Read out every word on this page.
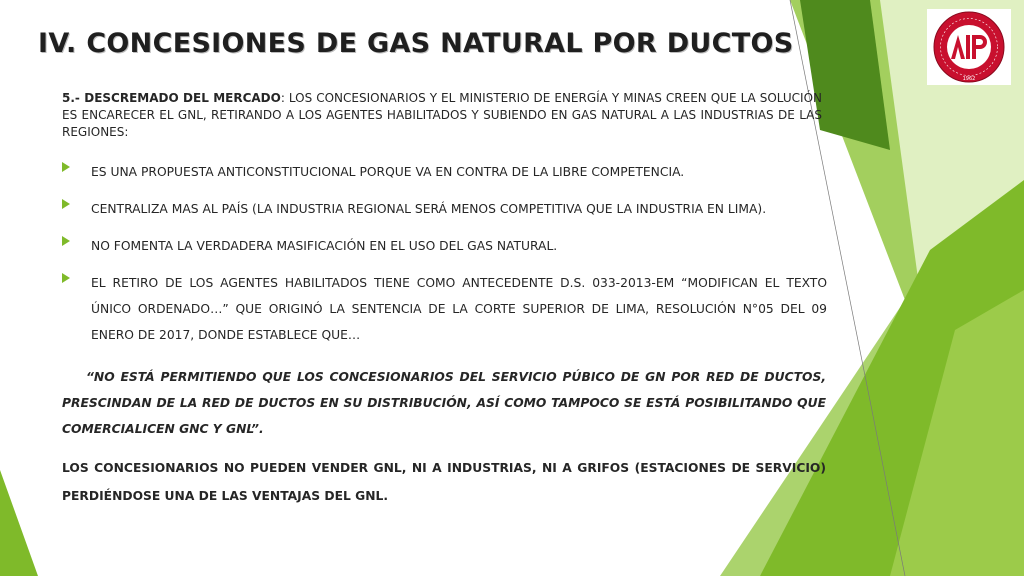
IV. CONCESIONES DE GAS NATURAL POR DUCTOS
1962
5.- DESCREMADO DEL MERCADO: LOS CONCESIONARIOS Y EL MINISTERIO DE ENERGÍA Y MINAS CREEN QUE LA SOLUCIÓN ES ENCARECER EL GNL, RETIRANDO A LOS AGENTES HABILITADOS Y SUBIENDO EN GAS NATURAL A LAS INDUSTRIAS DE LAS REGIONES:
ES UNA PROPUESTA ANTICONSTITUCIONAL PORQUE VA EN CONTRA DE LA LIBRE COMPETENCIA.
CENTRALIZA MAS AL PAÍS (LA INDUSTRIA REGIONAL SERÁ MENOS COMPETITIVA QUE LA INDUSTRIA EN LIMA).
NO FOMENTA LA VERDADERA MASIFICACIÓN EN EL USO DEL GAS NATURAL.
EL RETIRO DE LOS AGENTES HABILITADOS TIENE COMO ANTECEDENTE D.S. 033-2013-EM “MODIFICAN EL TEXTO ÚNICO ORDENADO…” QUE ORIGINÓ LA SENTENCIA DE LA CORTE SUPERIOR DE LIMA, RESOLUCIÓN N°05 DEL 09 ENERO DE 2017, DONDE ESTABLECE QUE…
“NO ESTÁ PERMITIENDO QUE LOS CONCESIONARIOS DEL SERVICIO PÚBICO DE GN POR RED DE DUCTOS, PRESCINDAN DE LA RED DE DUCTOS EN SU DISTRIBUCIÓN, ASÍ COMO TAMPOCO SE ESTÁ POSIBILITANDO QUE COMERCIALICEN GNC Y GNL”.
LOS CONCESIONARIOS NO PUEDEN VENDER GNL, NI A INDUSTRIAS, NI A GRIFOS (ESTACIONES DE SERVICIO) PERDIÉNDOSE UNA DE LAS VENTAJAS DEL GNL.
